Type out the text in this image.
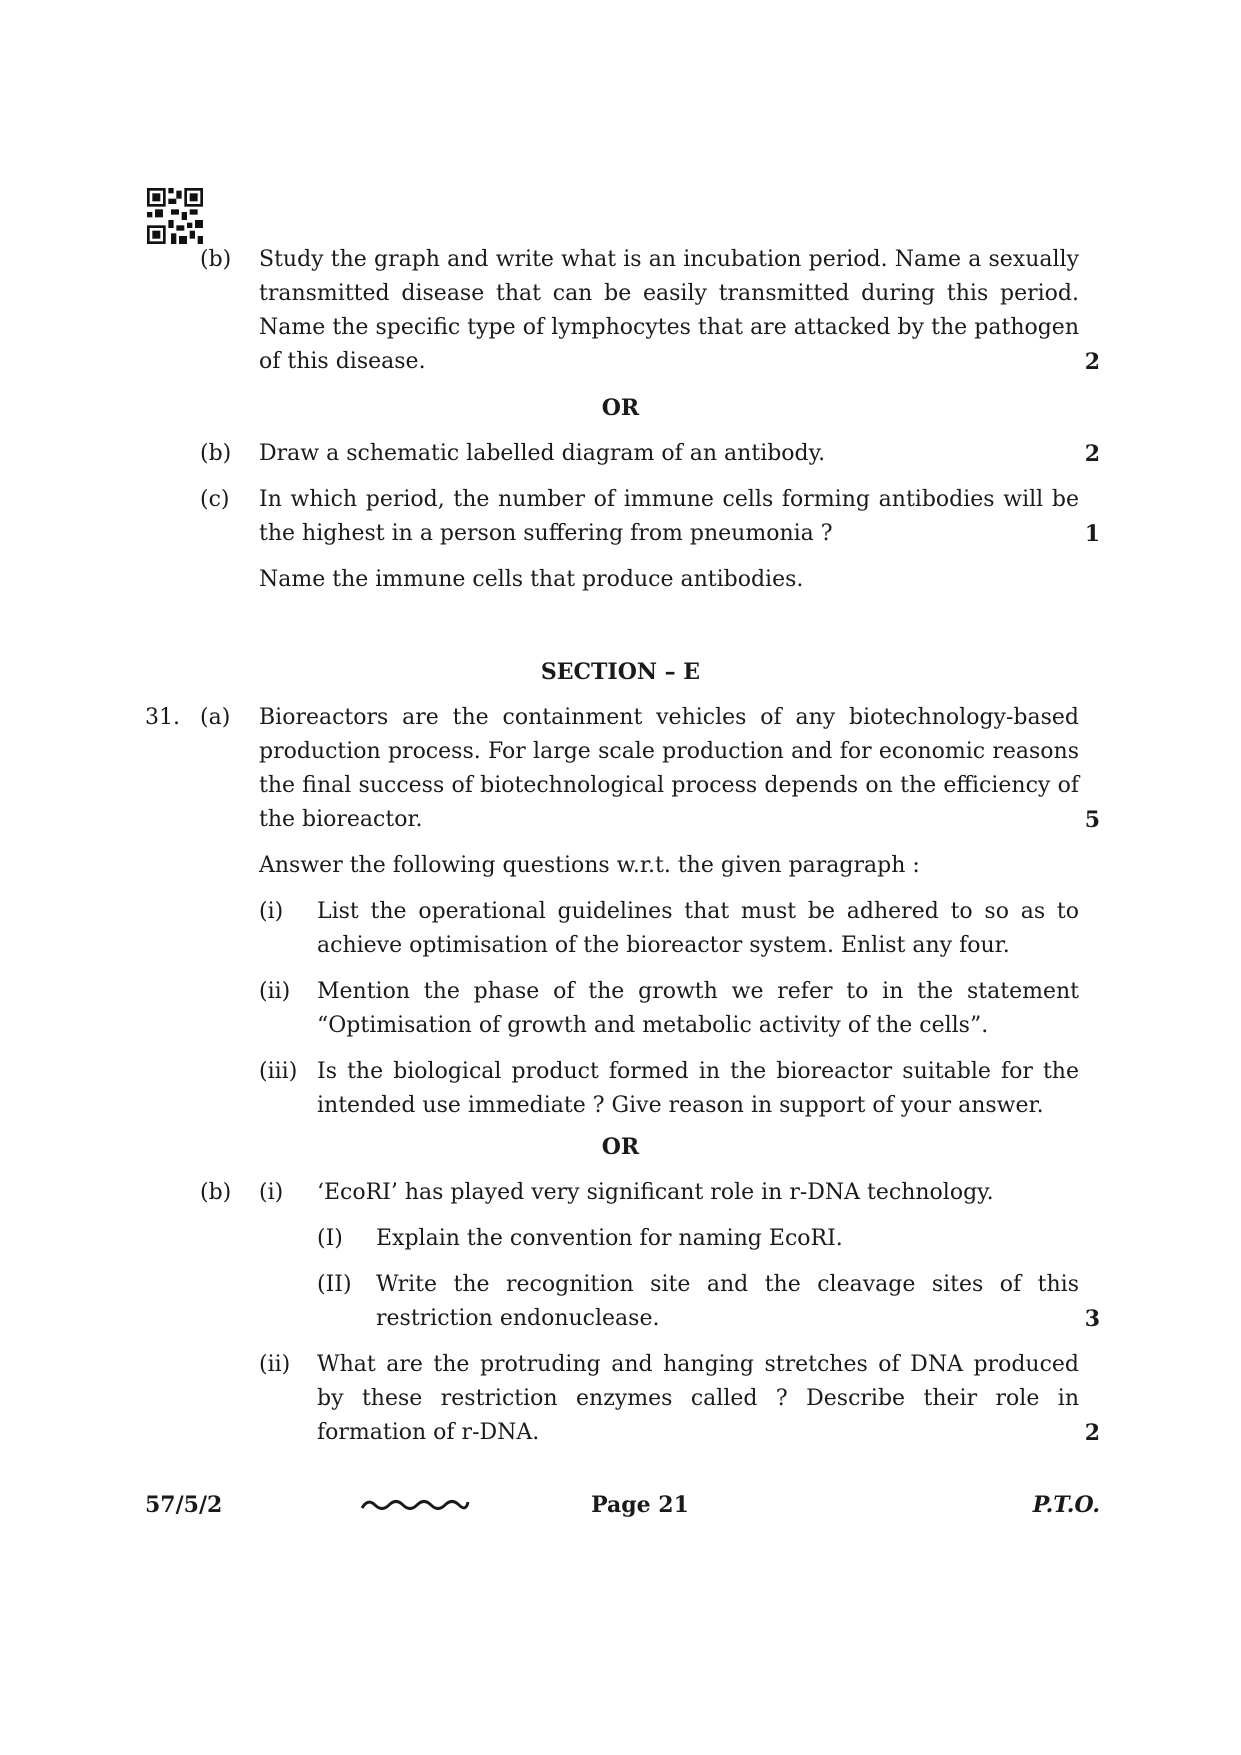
(b) Study the graph and write what is an incubation period. Name a sexually transmitted disease that can be easily transmitted during this period. Name the specific type of lymphocytes that are attacked by the pathogen of this disease.	2
OR
(b) Draw a schematic labelled diagram of an antibody.	2
(c) In which period, the number of immune cells forming antibodies will be the highest in a person suffering from pneumonia ?	1
Name the immune cells that produce antibodies.
SECTION – E
31. (a) Bioreactors are the containment vehicles of any biotechnology-based production process. For large scale production and for economic reasons the final success of biotechnological process depends on the efficiency of the bioreactor.	5
Answer the following questions w.r.t. the given paragraph :
(i) List the operational guidelines that must be adhered to so as to achieve optimisation of the bioreactor system. Enlist any four.
(ii) Mention the phase of the growth we refer to in the statement “Optimisation of growth and metabolic activity of the cells”.
(iii) Is the biological product formed in the bioreactor suitable for the intended use immediate ? Give reason in support of your answer.
OR
(b) (i) ‘EcoRI’ has played very significant role in r-DNA technology.
(I) Explain the convention for naming EcoRI.
(II) Write the recognition site and the cleavage sites of this restriction endonuclease.	3
(ii) What are the protruding and hanging stretches of DNA produced by these restriction enzymes called ? Describe their role in formation of r-DNA.	2
57/5/2	Page 21	P.T.O.
